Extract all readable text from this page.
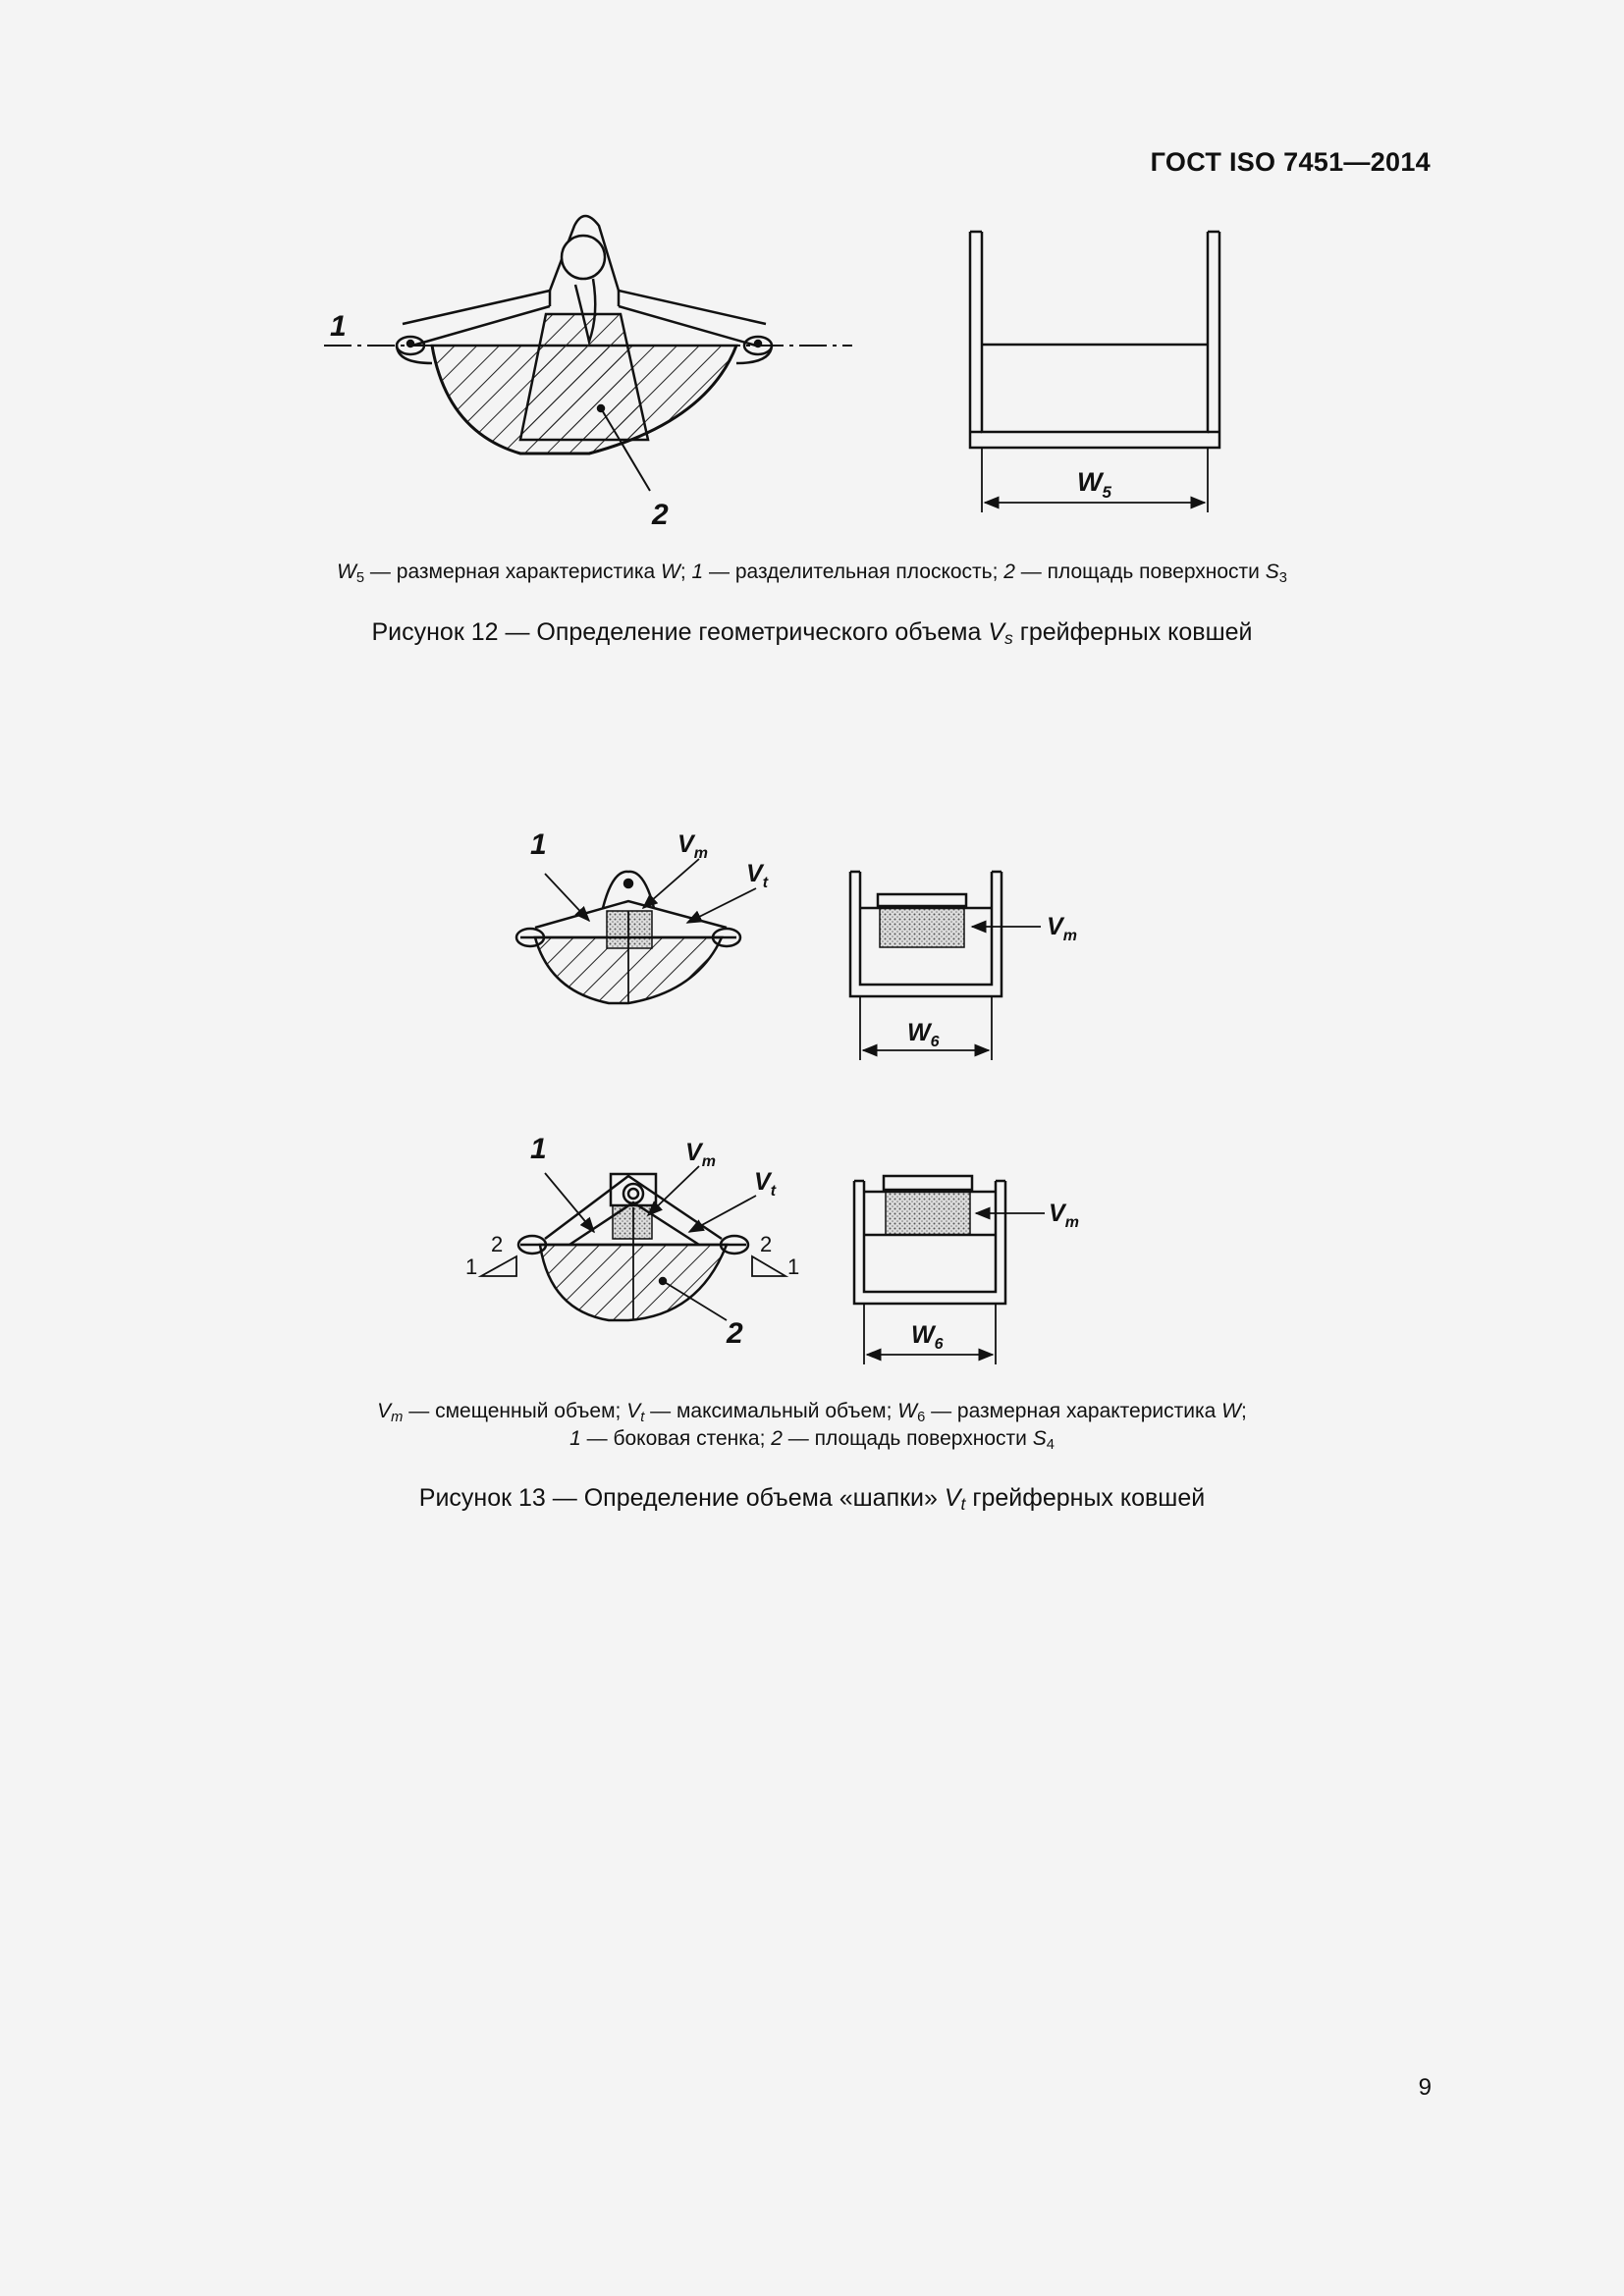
ГОСТ ISO 7451—2014
1
2
$W_5$
1	$V_m$
$V_t$
$V_m$
$W_6$
1	$V_m$
$V_t$
$V_m$
$W_6$
2
2
1
2
1
$W_5$ — размерная характеристика W; 1 — разделительная плоскость; 2 — площадь поверхности $S_3$
Рисунок 12 — Определение геометрического объема $V_s$ грейферных ковшей
$V_m$ — смещенный объем; $V_t$ — максимальный объем; $W_6$ — размерная характеристика W;
1 — боковая стенка; 2 — площадь поверхности $S_4$
Рисунок 13 — Определение объема «шапки» $V_t$ грейферных ковшей
9
